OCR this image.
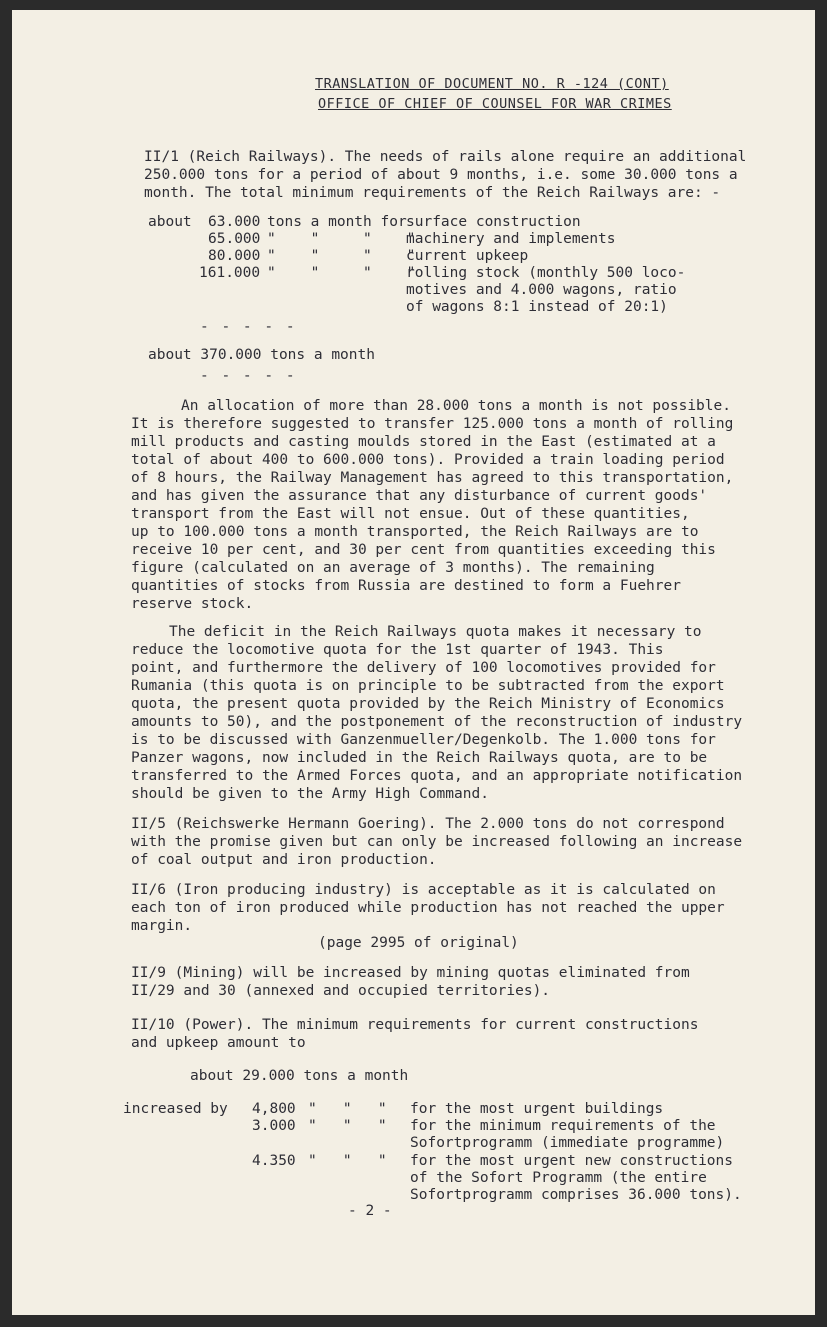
TRANSLATION OF DOCUMENT NO. R -124 (CONT)
OFFICE OF CHIEF OF COUNSEL FOR WAR CRIMES
II/1 (Reich Railways). The needs of rails alone require an additional
250.000 tons for a period of about 9 months, i.e. some 30.000 tons a
month. The total minimum requirements of the Reich Railways are: -
about 63.000 tons a month for surface construction
65.000 "    "     "    "
machinery and implements
80.000 "    "     "    "
current upkeep
161.000 "    "     "    "
rolling stock (monthly 500 loco-
motives and 4.000 wagons, ratio
of wagons 8:1 instead of 20:1)
- - - - -
about 370.000 tons a month
- - - - -
An allocation of more than 28.000 tons a month is not possible.
It is therefore suggested to transfer 125.000 tons a month of rolling
mill products and casting moulds stored in the East (estimated at a
total of about 400 to 600.000 tons). Provided a train loading period
of 8 hours, the Railway Management has agreed to this transportation,
and has given the assurance that any disturbance of current goods'
transport from the East will not ensue. Out of these quantities,
up to 100.000 tons a month transported, the Reich Railways are to
receive 10 per cent, and 30 per cent from quantities exceeding this
figure (calculated on an average of 3 months). The remaining
quantities of stocks from Russia are destined to form a Fuehrer
reserve stock.
The deficit in the Reich Railways quota makes it necessary to
reduce the locomotive quota for the 1st quarter of 1943. This
point, and furthermore the delivery of 100 locomotives provided for
Rumania (this quota is on principle to be subtracted from the export
quota, the present quota provided by the Reich Ministry of Economics
amounts to 50), and the postponement of the reconstruction of industry
is to be discussed with Ganzenmueller/Degenkolb. The 1.000 tons for
Panzer wagons, now included in the Reich Railways quota, are to be
transferred to the Armed Forces quota, and an appropriate notification
should be given to the Army High Command.
II/5 (Reichswerke Hermann Goering). The 2.000 tons do not correspond
with the promise given but can only be increased following an increase
of coal output and iron production.
II/6 (Iron producing industry) is acceptable as it is calculated on
each ton of iron produced while production has not reached the upper
margin.
(page 2995 of original)
II/9 (Mining) will be increased by mining quotas eliminated from
II/29 and 30 (annexed and occupied territories).
II/10 (Power). The minimum requirements for current constructions
and upkeep amount to
about 29.000 tons a month
increased by 4,800 "   "   " for the most urgent buildings
3.000 "   "   " for the minimum requirements of the
Sofortprogramm (immediate programme)
4.350 "   "   " for the most urgent new constructions
of the Sofort Programm (the entire
Sofortprogramm comprises 36.000 tons).
- 2 -
